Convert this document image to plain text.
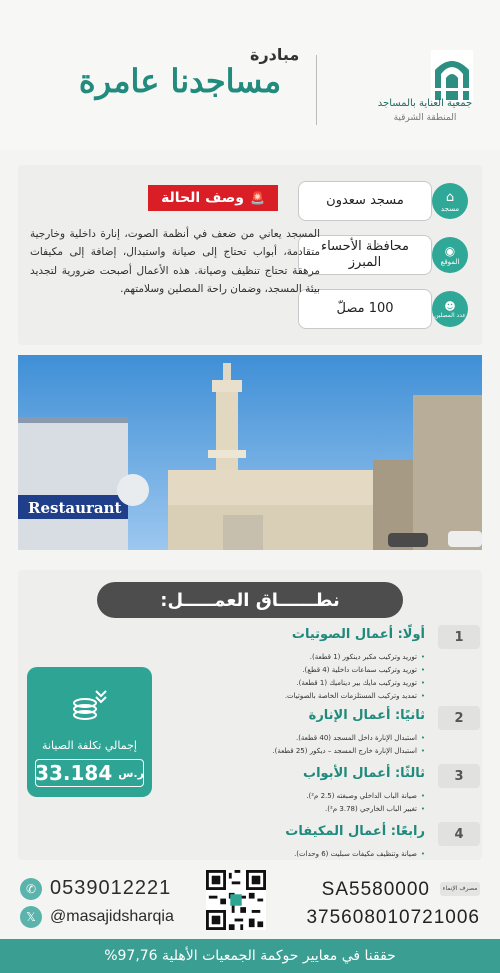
جمعية العناية بالمساجد
المنطقة الشرقية
مبادرة
مساجدنا عامرة
مسجد سعدون	⌂
مسجد
محافظة الأحساء المبرز
◉
الموقع
100 مصلّ	☻
عدد المصلين
🚨
وصف الحالة
المسجد يعاني من ضعف في أنظمة الصوت، إنارة داخلية وخارجية متقادمة، أبواب تحتاج إلى صيانة واستبدال، إضافة إلى مكيفات مرهقة تحتاج تنظيف وصيانة. هذه الأعمال أصبحت ضرورية لتجديد بيئة المسجد، وضمان راحة المصلين وسلامتهم.
Restaurant
نطــــــاق العمـــــل:
1
أولًا: أعمال الصوتيات
• توريد وتركيب مكبر دينكور (1 قطعة).
• توريد وتركيب سماعات داخلية (4 قطع).
• توريد وتركيب مايك بير ديناميك (1 قطعة).
• تمديد وتركيب المستلزمات الخاصة بالصوتيات.
2
ثانيًا: أعمال الإنارة
• استبدال الإنارة داخل المسجد (40 قطعة).
• استبدال الإنارة خارج المسجد – ديكور (25 قطعة).
3
ثالثًا: أعمال الأبواب
• صيانة الباب الداخلي وصبغته (2.5 م²).
• تغيير الباب الخارجي (3.78 م²).
4
رابعًا: أعمال المكيفات
• صيانة وتنظيف مكيفات سبليت (6 وحدات).
إجمالي تكلفة الصيانة
33.184 ر.س
✆ 0539012221
𝕏 @masajidsharqia
مصرف الإنماء
SA5580000
375608010721006
حققنا في معايير حوكمة الجمعيات الأهلية 97,76%
